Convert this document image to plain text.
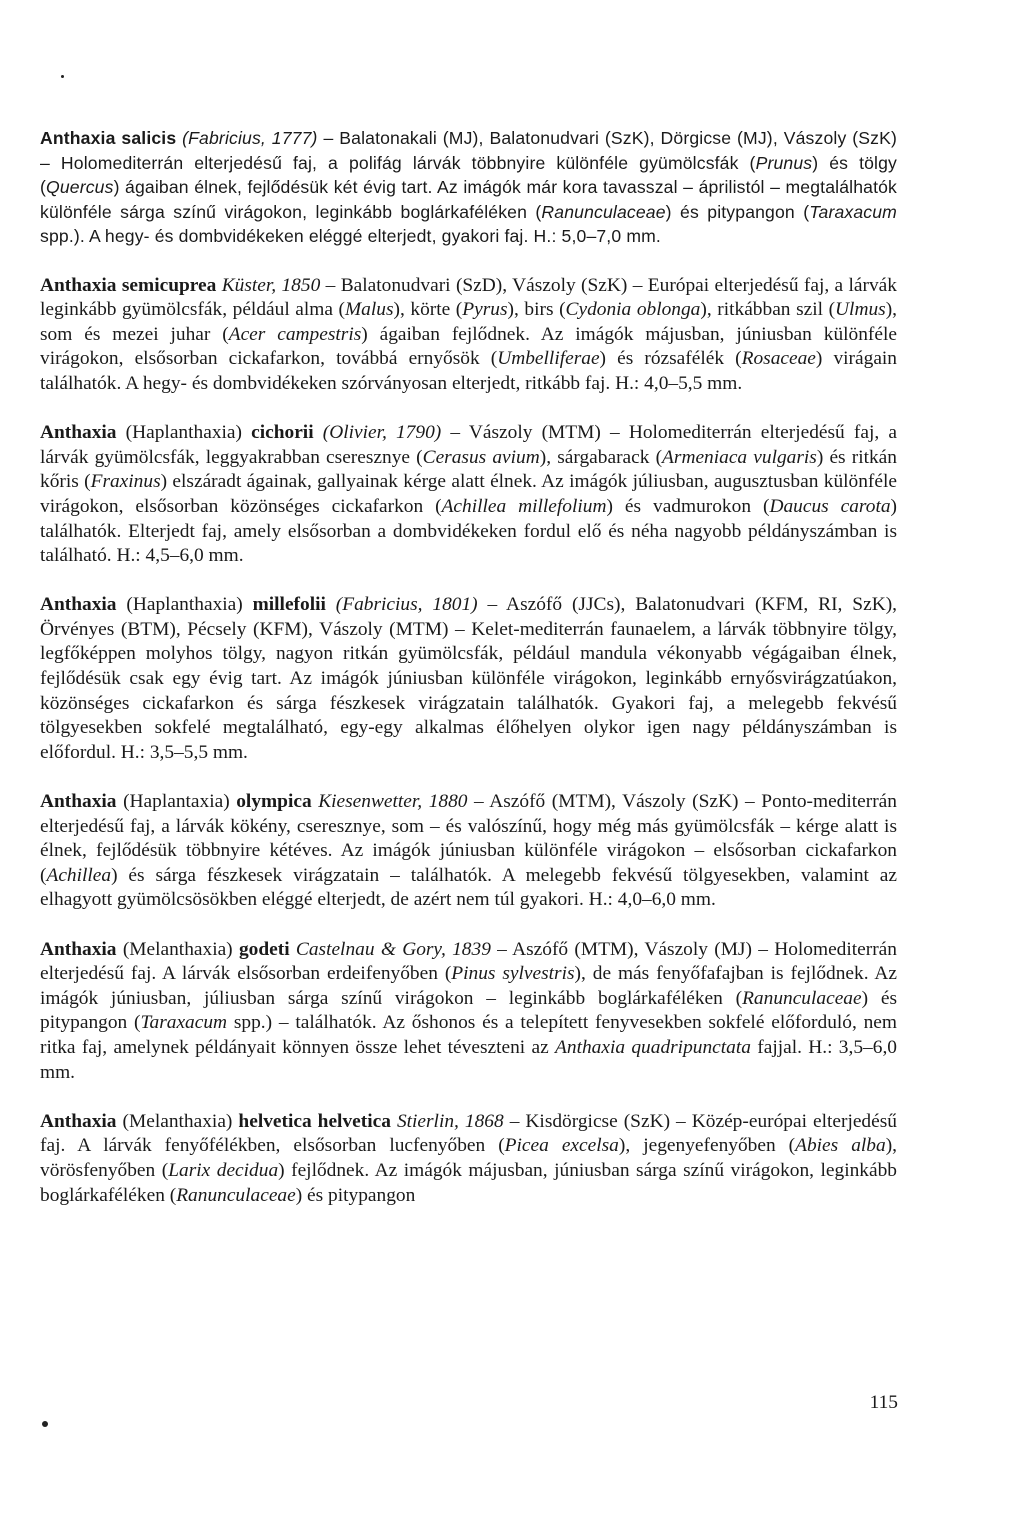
Anthaxia salicis (Fabricius, 1777) – Balatonakali (MJ), Balatonudvari (SzK), Dörgicse (MJ), Vászoly (SzK) – Holomediterrán elterjedésű faj, a polifág lárvák többnyire különféle gyümölcsfák (Prunus) és tölgy (Quercus) ágaiban élnek, fejlődésük két évig tart. Az imágók már kora tavasszal – áprilistól – megtalálhatók különféle sárga színű virágokon, leginkább boglárkaféléken (Ranunculaceae) és pitypangon (Taraxacum spp.). A hegy- és dombvidékeken eléggé elterjedt, gyakori faj. H.: 5,0–7,0 mm.

Anthaxia semicuprea Küster, 1850 – Balatonudvari (SzD), Vászoly (SzK) – Európai elterjedésű faj, a lárvák leginkább gyümölcsfák, például alma (Malus), körte (Pyrus), birs (Cydonia oblonga), ritkábban szil (Ulmus), som és mezei juhar (Acer campestris) ágaiban fejlődnek. Az imágók májusban, júniusban különféle virágokon, elsősorban cickafarkon, továbbá ernyősök (Umbelliferae) és rózsafélék (Rosaceae) virágain találhatók. A hegy- és dombvidékeken szórványosan elterjedt, ritkább faj. H.: 4,0–5,5 mm.

Anthaxia (Haplanthaxia) cichorii (Olivier, 1790) – Vászoly (MTM) – Holomediterrán elterjedésű faj, a lárvák gyümölcsfák, leggyakrabban cseresznye (Cerasus avium), sárgabarack (Armeniaca vulgaris) és ritkán kőris (Fraxinus) elszáradt ágainak, gallyainak kérge alatt élnek. Az imágók júliusban, augusztusban különféle virágokon, elsősorban közönséges cickafarkon (Achillea millefolium) és vadmurokon (Daucus carota) találhatók. Elterjedt faj, amely elsősorban a dombvidékeken fordul elő és néha nagyobb példányszámban is található. H.: 4,5–6,0 mm.

Anthaxia (Haplanthaxia) millefolii (Fabricius, 1801) – Aszófő (JJCs), Balatonudvari (KFM, RI, SzK), Örvényes (BTM), Pécsely (KFM), Vászoly (MTM) – Kelet-mediterrán faunaelem, a lárvák többnyire tölgy, legfőképpen molyhos tölgy, nagyon ritkán gyümölcsfák, például mandula vékonyabb végágaiban élnek, fejlődésük csak egy évig tart. Az imágók júniusban különféle virágokon, leginkább ernyősvirágzatúakon, közönséges cickafarkon és sárga fészkesek virágzatain találhatók. Gyakori faj, a melegebb fekvésű tölgyesekben sokfelé megtalálható, egy-egy alkalmas élőhelyen olykor igen nagy példányszámban is előfordul. H.: 3,5–5,5 mm.

Anthaxia (Haplantaxia) olympica Kiesenwetter, 1880 – Aszófő (MTM), Vászoly (SzK) – Ponto-mediterrán elterjedésű faj, a lárvák kökény, cseresznye, som – és valószínű, hogy még más gyümölcsfák – kérge alatt is élnek, fejlődésük többnyire kétéves. Az imágók júniusban különféle virágokon – elsősorban cickafarkon (Achillea) és sárga fészkesek virágzatain – találhatók. A melegebb fekvésű tölgyesekben, valamint az elhagyott gyümölcsösökben eléggé elterjedt, de azért nem túl gyakori. H.: 4,0–6,0 mm.

Anthaxia (Melanthaxia) godeti Castelnau & Gory, 1839 – Aszófő (MTM), Vászoly (MJ) – Holomediterrán elterjedésű faj. A lárvák elsősorban erdeifenyőben (Pinus sylvestris), de más fenyőfafajban is fejlődnek. Az imágók júniusban, júliusban sárga színű virágokon – leginkább boglárkaféléken (Ranunculaceae) és pitypangon (Taraxacum spp.) – találhatók. Az őshonos és a telepített fenyvesekben sokfelé előforduló, nem ritka faj, amelynek példányait könnyen össze lehet téveszteni az Anthaxia quadripunctata fajjal. H.: 3,5–6,0 mm.

Anthaxia (Melanthaxia) helvetica helvetica Stierlin, 1868 – Kisdörgicse (SzK) – Közép-európai elterjedésű faj. A lárvák fenyőfélékben, elsősorban lucfenyőben (Picea excelsa), jegenyefenyőben (Abies alba), vörösfenyőben (Larix decidua) fejlődnek. Az imágók májusban, júniusban sárga színű virágokon, leginkább boglárkaféléken (Ranunculaceae) és pitypangon

115
